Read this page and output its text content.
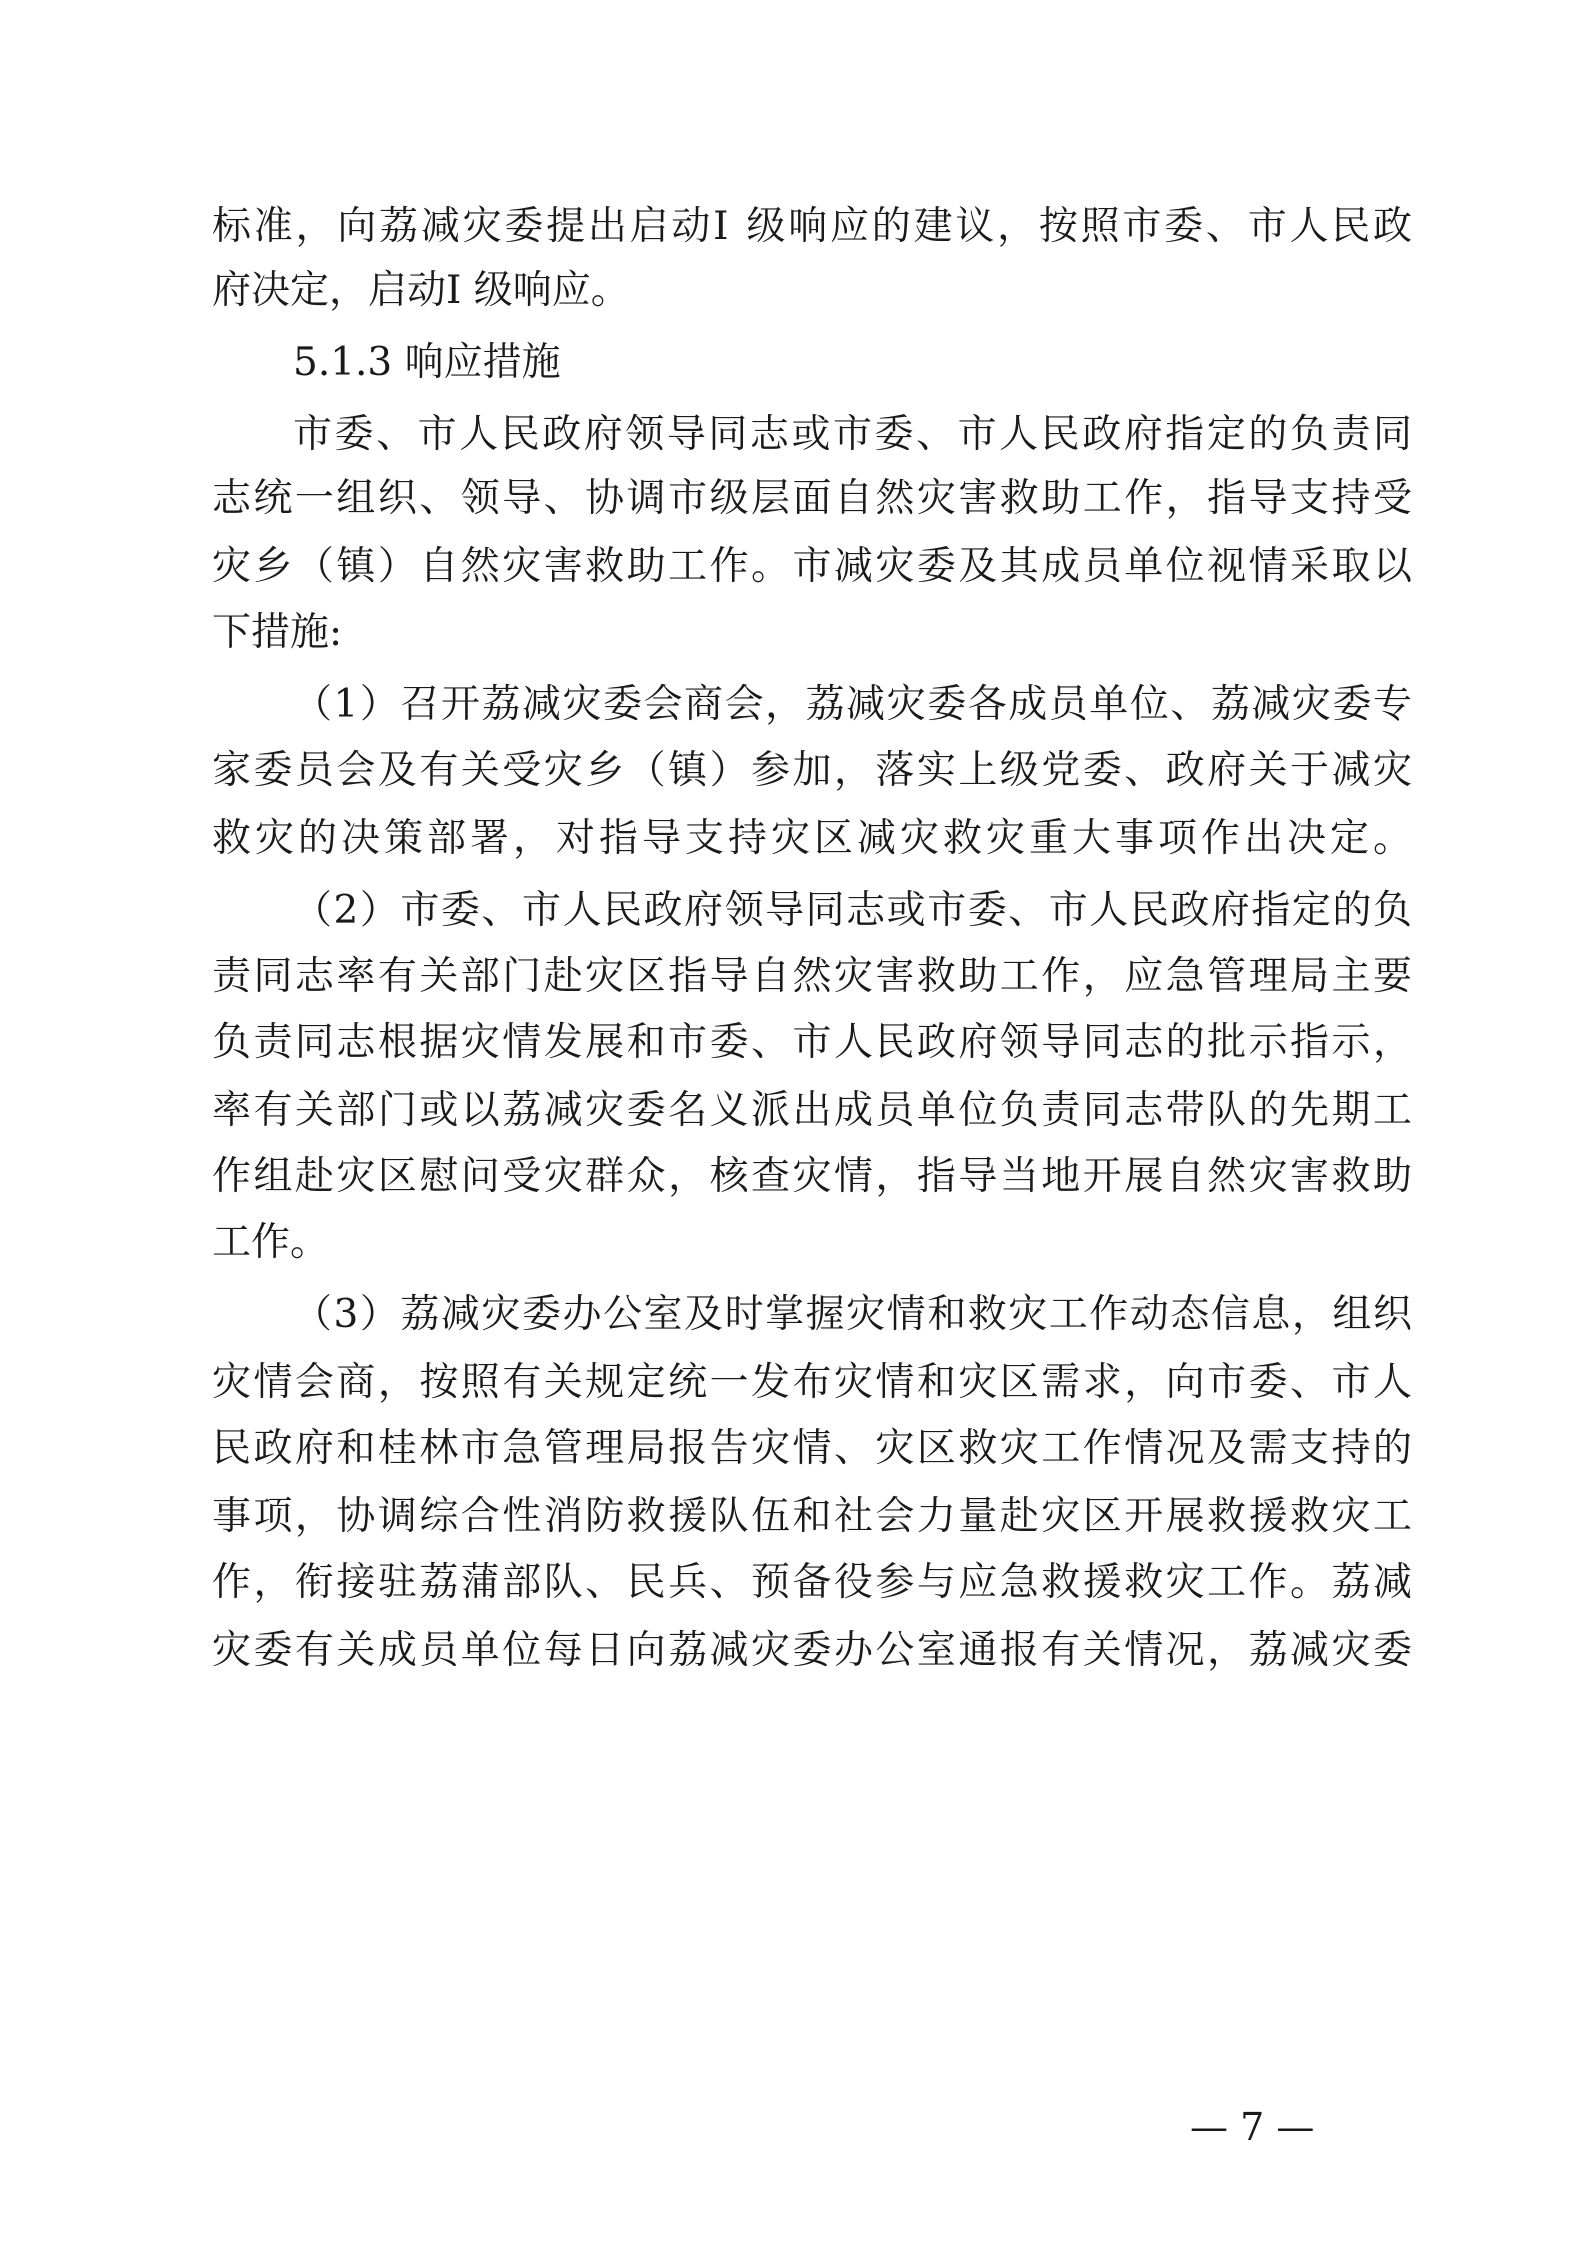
标准，向荔减灾委提出启动Ⅰ 级响应的建议，按照市委、市人民政
府决定，启动Ⅰ 级响应。
5.1.3 响应措施
市委、市人民政府领导同志或市委、市人民政府指定的负责同
志统一组织、领导、协调市级层面自然灾害救助工作，指导支持受
灾乡（镇）自然灾害救助工作。市减灾委及其成员单位视情采取以
下措施:
（1）召开荔减灾委会商会，荔减灾委各成员单位、荔减灾委专
家委员会及有关受灾乡（镇）参加，落实上级党委、政府关于减灾
救灾的决策部署，对指导支持灾区减灾救灾重大事项作出决定。
（2）市委、市人民政府领导同志或市委、市人民政府指定的负
责同志率有关部门赴灾区指导自然灾害救助工作，应急管理局主要
负责同志根据灾情发展和市委、市人民政府领导同志的批示指示，
率有关部门或以荔减灾委名义派出成员单位负责同志带队的先期工
作组赴灾区慰问受灾群众，核查灾情，指导当地开展自然灾害救助
工作。
（3）荔减灾委办公室及时掌握灾情和救灾工作动态信息，组织
灾情会商，按照有关规定统一发布灾情和灾区需求，向市委、市人
民政府和桂林市急管理局报告灾情、灾区救灾工作情况及需支持的
事项，协调综合性消防救援队伍和社会力量赴灾区开展救援救灾工
作，衔接驻荔蒲部队、民兵、预备役参与应急救援救灾工作。荔减
灾委有关成员单位每日向荔减灾委办公室通报有关情况，荔减灾委
— 7 —
